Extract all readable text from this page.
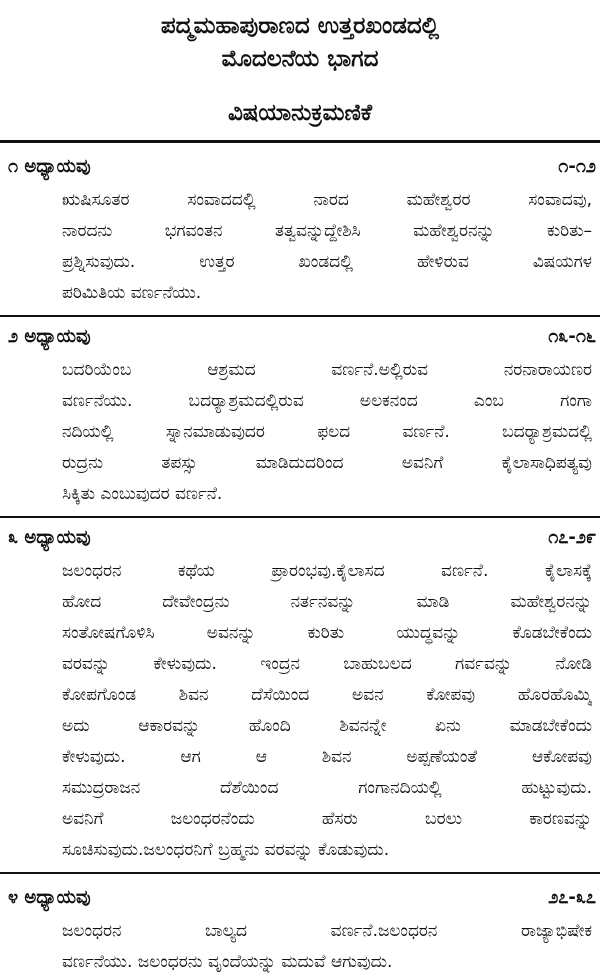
ಪದ್ಮಮಹಾಪುರಾಣದ ಉತ್ತರಖಂಡದಲ್ಲಿ
ಮೊದಲನೆಯ ಭಾಗದ
ವಿಷಯಾನುಕ್ರಮಣಿಕೆ
೧ ಅಧ್ಯಾಯವು	೧-೧೨
ಋಷಿಸೂತರ ಸಂವಾದದಲ್ಲಿ ನಾರದ ಮಹೇಶ್ವರರ ಸಂವಾದವು,
ನಾರದನು ಭಗವಂತನ ತತ್ವವನ್ನುದ್ದೇಶಿಸಿ ಮಹೇಶ್ವರನನ್ನು ಕುರಿತು–
ಪ್ರಶ್ನಿಸುವುದು. ಉತ್ತರ ಖಂಡದಲ್ಲಿ ಹೇಳಿರುವ ವಿಷಯಗಳ
ಪರಿಮಿತಿಯ ವರ್ಣನೆಯು.
೨ ಅಧ್ಯಾಯವು	೧೩-೧೬
ಬದರಿಯೆಂಬ ಆಶ್ರಮದ ವರ್ಣನೆ.ಅಲ್ಲಿರುವ ನರನಾರಾಯಣರ
ವರ್ಣನೆಯು. ಬದರ್‍ಯಾಶ್ರಮದಲ್ಲಿರುವ ಅಲಕನಂದ ಎಂಬ ಗಂಗಾ
ನದಿಯಲ್ಲಿ ಸ್ನಾನಮಾಡುವುದರ ಫಲದ ವರ್ಣನೆ. ಬದರ್‍ಯಾಶ್ರಮದಲ್ಲಿ
ರುದ್ರನು ತಪಸ್ಸು ಮಾಡಿದುದರಿಂದ ಅವನಿಗೆ ಕೈಲಾಸಾಧಿಪತ್ಯವು
ಸಿಕ್ಕಿತು ಎಂಬುವುದರ ವರ್ಣನೆ.
೩ ಅಧ್ಯಾಯವು	೧೭-೨೯
ಜಲಂಧರನ ಕಥೆಯ ಪ್ರಾರಂಭವು.ಕೈಲಾಸದ ವರ್ಣನೆ. ಕೈಲಾಸಕ್ಕೆ
ಹೋದ ದೇವೇಂದ್ರನು ನರ್ತನವನ್ನು ಮಾಡಿ ಮಹೇಶ್ವರನನ್ನು
ಸಂತೋಷಗೊಳಿಸಿ ಅವನನ್ನು ಕುರಿತು ಯುದ್ಧವನ್ನು ಕೊಡಬೇಕೆಂದು
ವರವನ್ನು ಕೇಳುವುದು. ಇಂದ್ರನ ಬಾಹುಬಲದ ಗರ್ವವನ್ನು ನೋಡಿ
ಕೋಪಗೊಂಡ ಶಿವನ ದೆಸೆಯಿಂದ ಅವನ ಕೋಪವು ಹೊರಹೊಮ್ಮಿ
ಅದು ಆಕಾರವನ್ನು ಹೊಂದಿ ಶಿವನನ್ನೇ ಏನು ಮಾಡಬೇಕೆಂದು
ಕೇಳುವುದು. ಆಗ ಆ ಶಿವನ ಅಪ್ಪಣೆಯಂತೆ ಆಕೋಪವು
ಸಮುದ್ರರಾಜನ ದೆಶೆಯಿಂದ ಗಂಗಾನದಿಯಲ್ಲಿ ಹುಟ್ಟುವುದು.
ಅವನಿಗೆ ಜಲಂಧರನೆಂದು ಹೆಸರು ಬರಲು ಕಾರಣವನ್ನು
ಸೂಚಿಸುವುದು.ಜಲಂಧರನಿಗೆ ಬ್ರಹ್ಮನು ವರವನ್ನು ಕೊಡುವುದು.
೪ ಅಧ್ಯಾಯವು	೨೭-೩೭
ಜಲಂಧರನ ಬಾಲ್ಯದ ವರ್ಣನೆ.ಜಲಂಧರನ ರಾಜ್ಯಾಭಿಷೇಕ
ವರ್ಣನೆಯು. ಜಲಂಧರನು ವೃಂದೆಯನ್ನು ಮದುವೆ ಆಗುವುದು.
